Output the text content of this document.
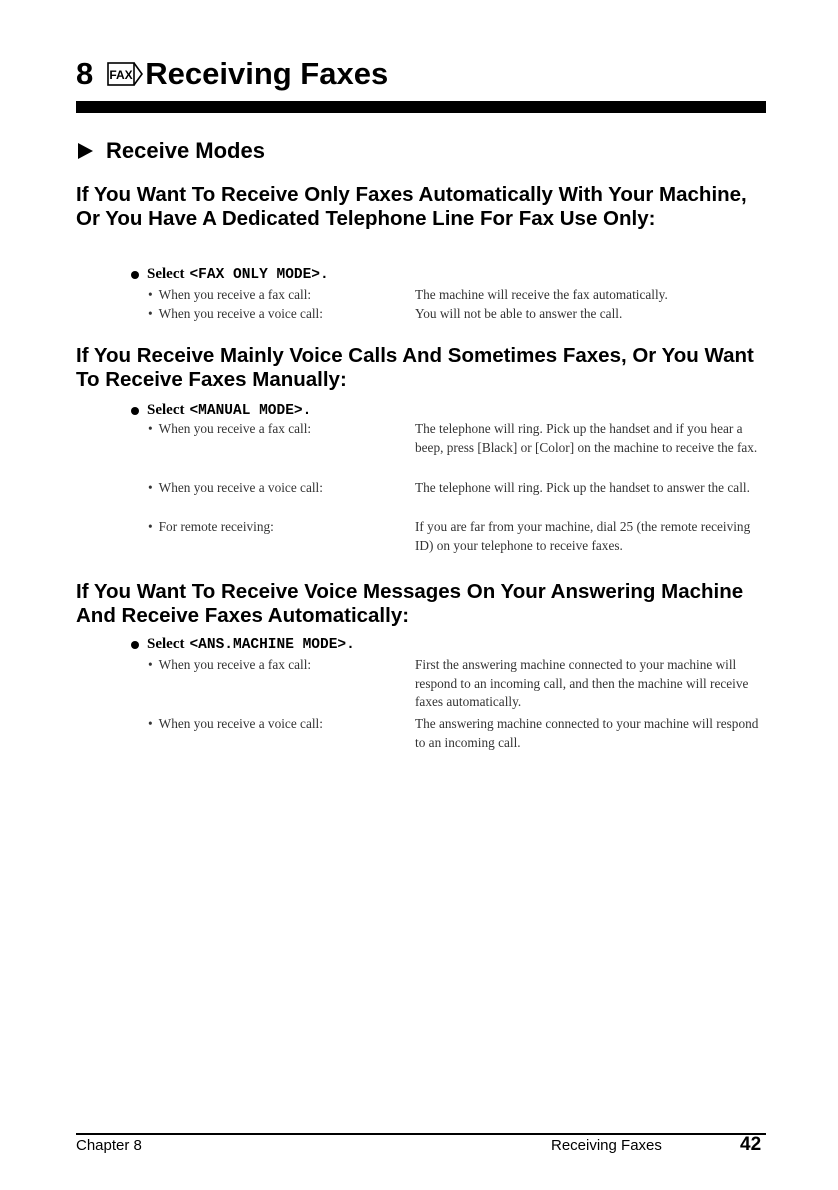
8 FAX Receiving Faxes
Receive Modes
If You Want To Receive Only Faxes Automatically With Your Machine, Or You Have A Dedicated Telephone Line For Fax Use Only:
Select <FAX ONLY MODE>.
• When you receive a fax call:	The machine will receive the fax automatically.
• When you receive a voice call:	You will not be able to answer the call.
If You Receive Mainly Voice Calls And Sometimes Faxes, Or You Want To Receive Faxes Manually:
Select <MANUAL MODE>.
• When you receive a fax call:	The telephone will ring. Pick up the handset and if you hear a beep, press [Black] or [Color] on the machine to receive the fax.
• When you receive a voice call:	The telephone will ring. Pick up the handset to answer the call.
• For remote receiving:	If you are far from your machine, dial 25 (the remote receiving ID) on your telephone to receive faxes.
If You Want To Receive Voice Messages On Your Answering Machine And Receive Faxes Automatically:
Select <ANS.MACHINE MODE>.
• When you receive a fax call:	First the answering machine connected to your machine will respond to an incoming call, and then the machine will receive faxes automatically.
• When you receive a voice call:	The answering machine connected to your machine will respond to an incoming call.
Chapter 8	Receiving Faxes	42
